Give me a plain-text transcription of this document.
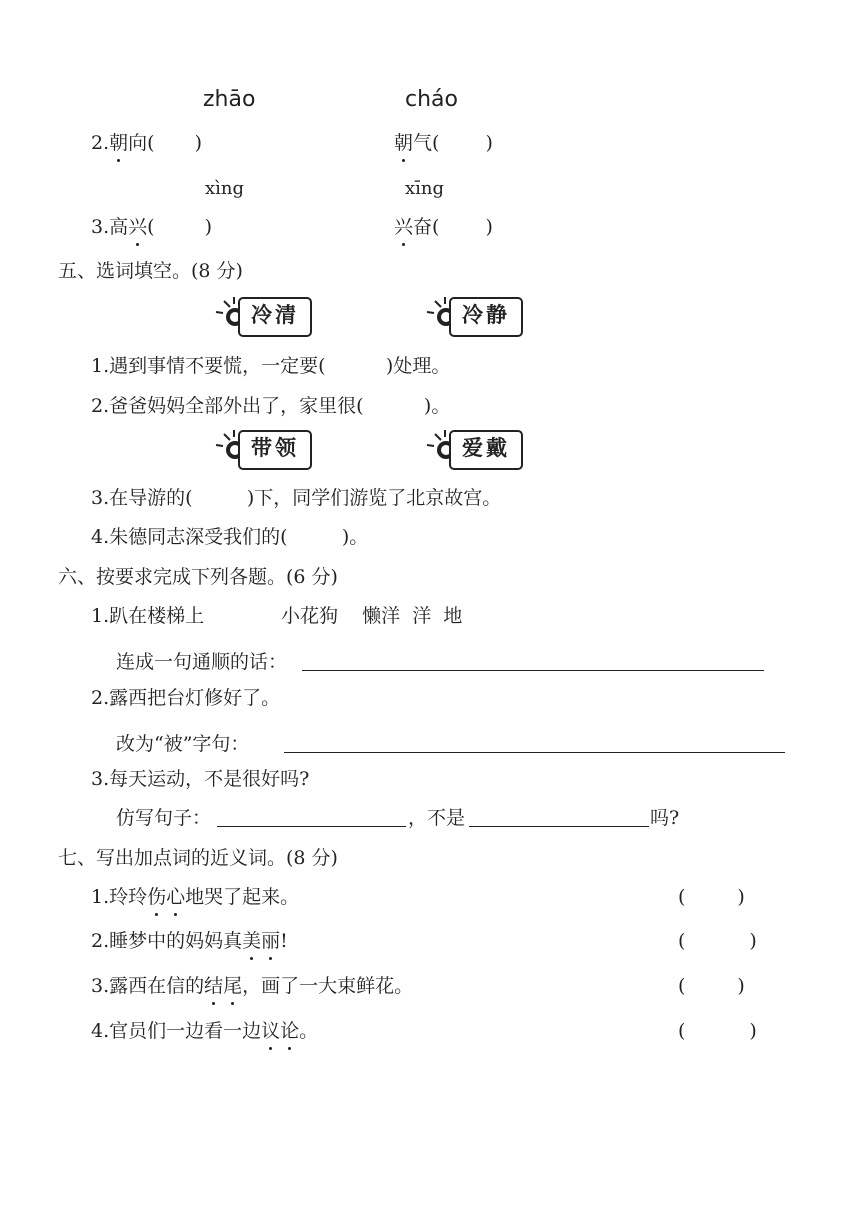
zhāo	cháo
2.朝向( )	朝气( )
xìng	xīng
3.高兴(	)	兴奋( )
五、选词填空。(8 分)
冷清	冷静
1.遇到事情不要慌，一定要(          )处理。
2.爸爸妈妈全部外出了，家里很(          )。
带领	爱戴
3.在导游的(         )下，同学们游览了北京故宫。
4.朱德同志深受我们的(         )。
六、按要求完成下列各题。(6 分)
1.趴在楼梯上	小花狗    懒洋  洋  地
连成一句通顺的话：
2.露西把台灯修好了。
改为“被”字句：
3.每天运动，不是很好吗?
仿写句子：	，不是	吗?
七、写出加点词的近义词。(8 分)
1.玲玲伤心地哭了起来。	(	)
2.睡梦中的妈妈真美丽!	(	)
3.露西在信的结尾，画了一大束鲜花。	(	)
4.官员们一边看一边议论。	(	)
